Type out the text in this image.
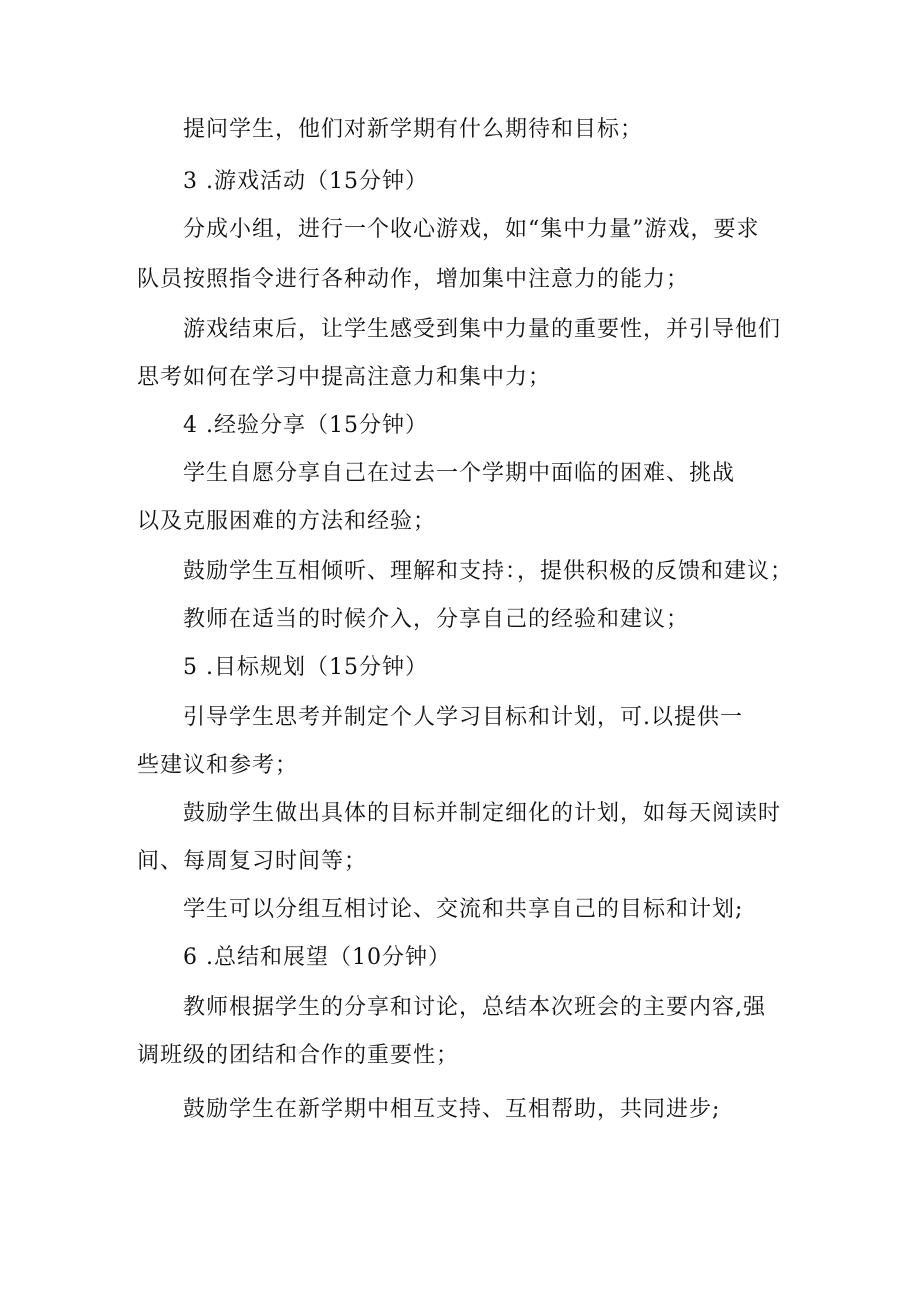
提问学生，他们对新学期有什么期待和目标；
3 .游戏活动（15分钟）
分成小组，进行一个收心游戏，如“集中力量”游戏，要求
队员按照指令进行各种动作，增加集中注意力的能力；
游戏结束后，让学生感受到集中力量的重要性，并引导他们
思考如何在学习中提高注意力和集中力；
4 .经验分享（15分钟）
学生自愿分享自己在过去一个学期中面临的困难、挑战
以及克服困难的方法和经验；
鼓励学生互相倾听、理解和支持：，提供积极的反馈和建议；
教师在适当的时候介入，分享自己的经验和建议；
5 .目标规划（15分钟）
引导学生思考并制定个人学习目标和计划，可.以提供一
些建议和参考；
鼓励学生做出具体的目标并制定细化的计划，如每天阅读时
间、每周复习时间等；
学生可以分组互相讨论、交流和共享自己的目标和计划;
6 .总结和展望（10分钟）
教师根据学生的分享和讨论，总结本次班会的主要内容,强
调班级的团结和合作的重要性；
鼓励学生在新学期中相互支持、互相帮助，共同进步;
